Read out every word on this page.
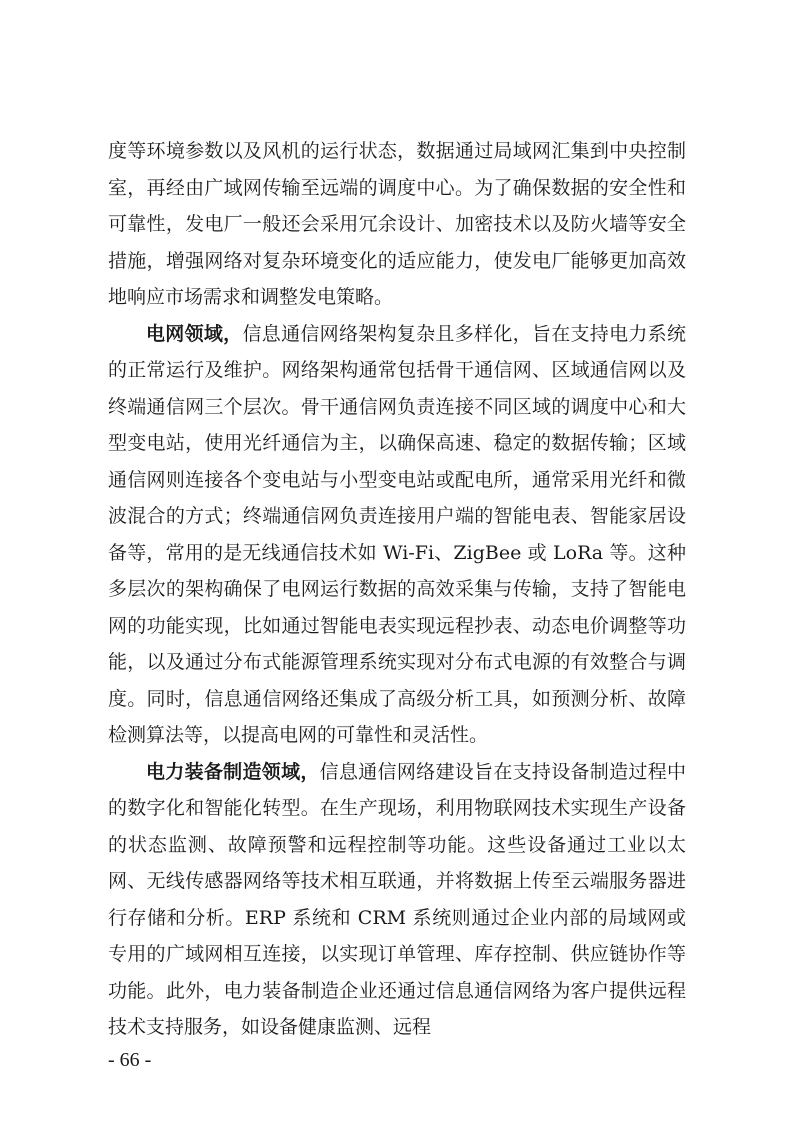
度等环境参数以及风机的运行状态，数据通过局域网汇集到中央控制室，再经由广域网传输至远端的调度中心。为了确保数据的安全性和可靠性，发电厂一般还会采用冗余设计、加密技术以及防火墙等安全措施，增强网络对复杂环境变化的适应能力，使发电厂能够更加高效地响应市场需求和调整发电策略。

电网领域，信息通信网络架构复杂且多样化，旨在支持电力系统的正常运行及维护。网络架构通常包括骨干通信网、区域通信网以及终端通信网三个层次。骨干通信网负责连接不同区域的调度中心和大型变电站，使用光纤通信为主，以确保高速、稳定的数据传输；区域通信网则连接各个变电站与小型变电站或配电所，通常采用光纤和微波混合的方式；终端通信网负责连接用户端的智能电表、智能家居设备等，常用的是无线通信技术如 Wi-Fi、ZigBee 或 LoRa 等。这种多层次的架构确保了电网运行数据的高效采集与传输，支持了智能电网的功能实现，比如通过智能电表实现远程抄表、动态电价调整等功能，以及通过分布式能源管理系统实现对分布式电源的有效整合与调度。同时，信息通信网络还集成了高级分析工具，如预测分析、故障检测算法等，以提高电网的可靠性和灵活性。

电力装备制造领域，信息通信网络建设旨在支持设备制造过程中的数字化和智能化转型。在生产现场，利用物联网技术实现生产设备的状态监测、故障预警和远程控制等功能。这些设备通过工业以太网、无线传感器网络等技术相互联通，并将数据上传至云端服务器进行存储和分析。ERP 系统和 CRM 系统则通过企业内部的局域网或专用的广域网相互连接，以实现订单管理、库存控制、供应链协作等功能。此外，电力装备制造企业还通过信息通信网络为客户提供远程技术支持服务，如设备健康监测、远程

- 66 -
